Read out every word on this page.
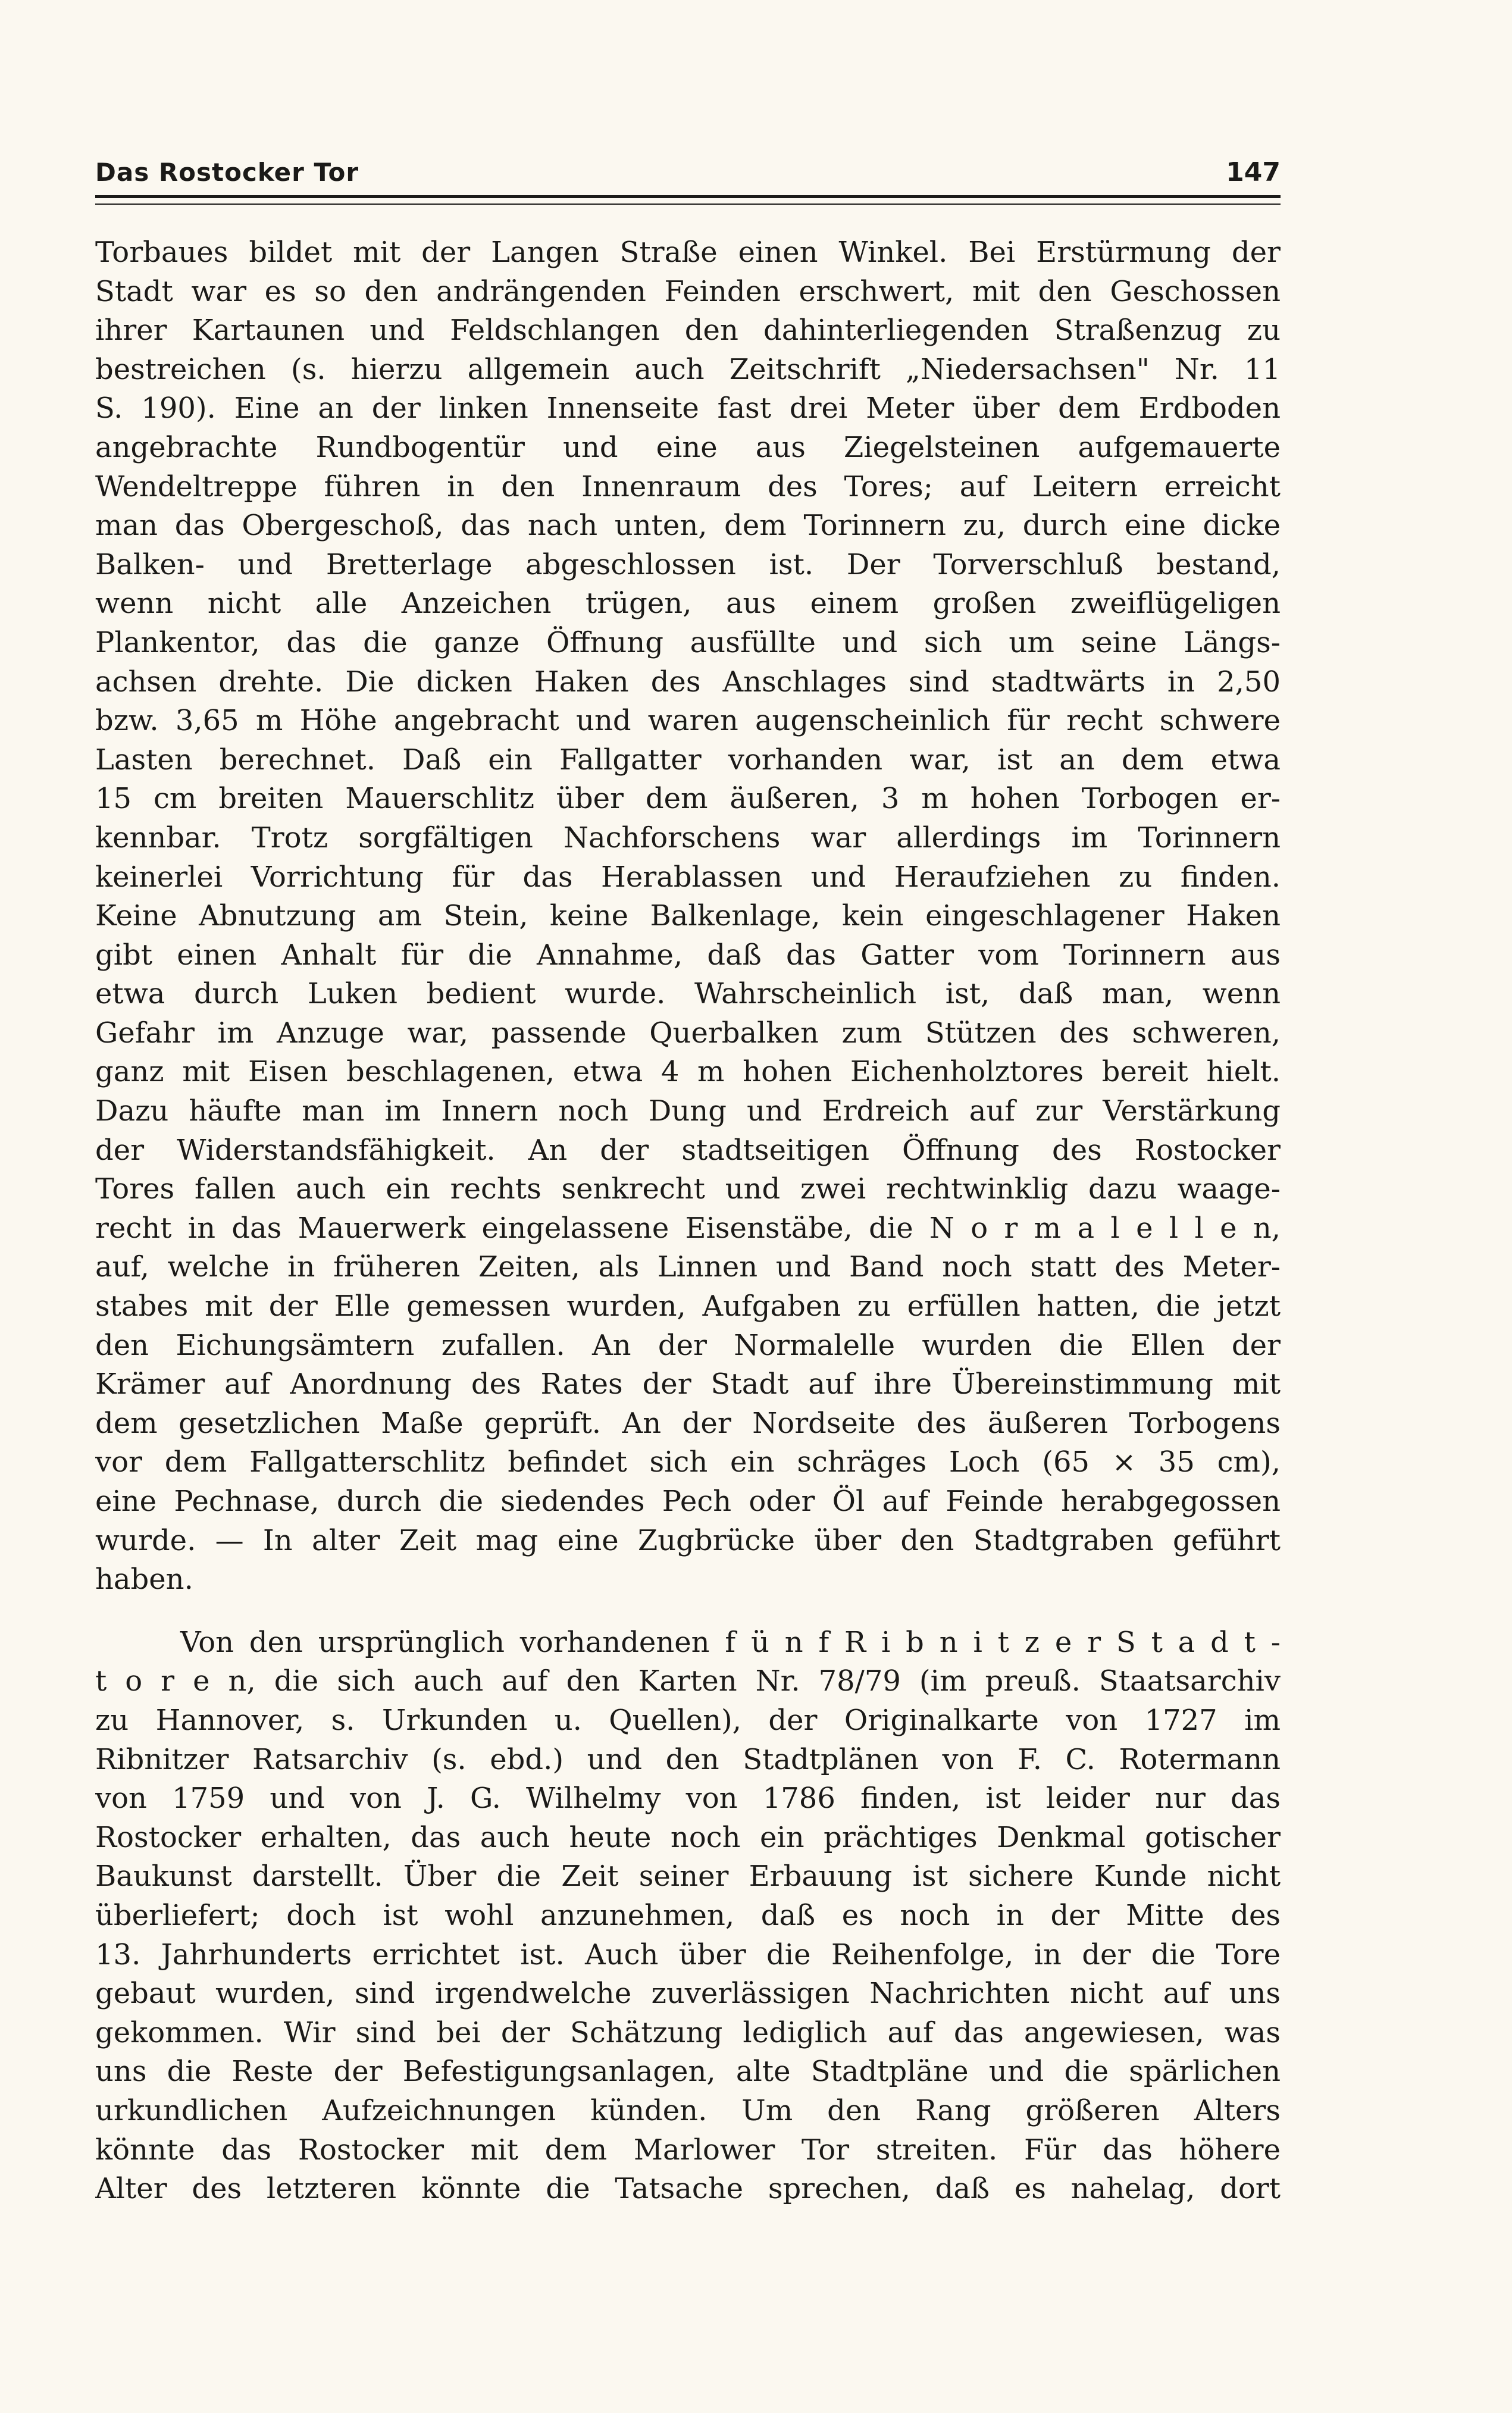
Das Rostocker Tor	147
Torbaues bildet mit der Langen Straße einen Winkel. Bei Erstürmung der
Stadt war es so den andrängenden Feinden erschwert, mit den Geschossen
ihrer Kartaunen und Feldschlangen den dahinterliegenden Straßenzug zu
bestreichen (s. hierzu allgemein auch Zeitschrift „Niedersachsen" Nr. 11
S. 190). Eine an der linken Innenseite fast drei Meter über dem Erdboden
angebrachte Rundbogentür und eine aus Ziegelsteinen aufgemauerte
Wendeltreppe führen in den Innenraum des Tores; auf Leitern erreicht
man das Obergeschoß, das nach unten, dem Torinnern zu, durch eine dicke
Balken- und Bretterlage abgeschlossen ist. Der Torverschluß bestand,
wenn nicht alle Anzeichen trügen, aus einem großen zweiflügeligen
Plankentor, das die ganze Öffnung ausfüllte und sich um seine Längs-
achsen drehte. Die dicken Haken des Anschlages sind stadtwärts in 2,50
bzw. 3,65 m Höhe angebracht und waren augenscheinlich für recht schwere
Lasten berechnet. Daß ein Fallgatter vorhanden war, ist an dem etwa
15 cm breiten Mauerschlitz über dem äußeren, 3 m hohen Torbogen er-
kennbar. Trotz sorgfältigen Nachforschens war allerdings im Torinnern
keinerlei Vorrichtung für das Herablassen und Heraufziehen zu finden.
Keine Abnutzung am Stein, keine Balkenlage, kein eingeschlagener Haken
gibt einen Anhalt für die Annahme, daß das Gatter vom Torinnern aus
etwa durch Luken bedient wurde. Wahrscheinlich ist, daß man, wenn
Gefahr im Anzuge war, passende Querbalken zum Stützen des schweren,
ganz mit Eisen beschlagenen, etwa 4 m hohen Eichenholztores bereit hielt.
Dazu häufte man im Innern noch Dung und Erdreich auf zur Verstärkung
der Widerstandsfähigkeit. An der stadtseitigen Öffnung des Rostocker
Tores fallen auch ein rechts senkrecht und zwei rechtwinklig dazu waage-
recht in das Mauerwerk eingelassene Eisenstäbe, die N o r m a l e l l e n,
auf, welche in früheren Zeiten, als Linnen und Band noch statt des Meter-
stabes mit der Elle gemessen wurden, Aufgaben zu erfüllen hatten, die jetzt
den Eichungsämtern zufallen. An der Normalelle wurden die Ellen der
Krämer auf Anordnung des Rates der Stadt auf ihre Übereinstimmung mit
dem gesetzlichen Maße geprüft. An der Nordseite des äußeren Torbogens
vor dem Fallgatterschlitz befindet sich ein schräges Loch (65 × 35 cm),
eine Pechnase, durch die siedendes Pech oder Öl auf Feinde herabgegossen
wurde. — In alter Zeit mag eine Zugbrücke über den Stadtgraben geführt
haben.
Von den ursprünglich vorhandenen f ü n f R i b n i t z e r S t a d t -
t o r e n, die sich auch auf den Karten Nr. 78/79 (im preuß. Staatsarchiv
zu Hannover, s. Urkunden u. Quellen), der Originalkarte von 1727 im
Ribnitzer Ratsarchiv (s. ebd.) und den Stadtplänen von F. C. Rotermann
von 1759 und von J. G. Wilhelmy von 1786 finden, ist leider nur das
Rostocker erhalten, das auch heute noch ein prächtiges Denkmal gotischer
Baukunst darstellt. Über die Zeit seiner Erbauung ist sichere Kunde nicht
überliefert; doch ist wohl anzunehmen, daß es noch in der Mitte des
13. Jahrhunderts errichtet ist. Auch über die Reihenfolge, in der die Tore
gebaut wurden, sind irgendwelche zuverlässigen Nachrichten nicht auf uns
gekommen. Wir sind bei der Schätzung lediglich auf das angewiesen, was
uns die Reste der Befestigungsanlagen, alte Stadtpläne und die spärlichen
urkundlichen Aufzeichnungen künden. Um den Rang größeren Alters
könnte das Rostocker mit dem Marlower Tor streiten. Für das höhere
Alter des letzteren könnte die Tatsache sprechen, daß es nahelag, dort
